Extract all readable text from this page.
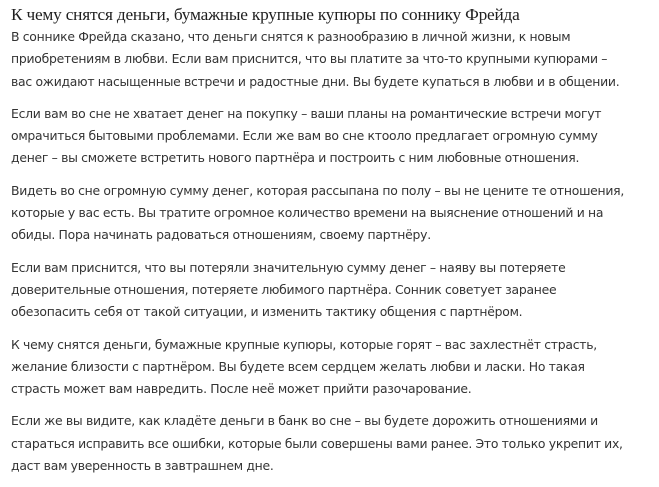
К чему снятся деньги, бумажные крупные купюры по соннику Фрейда

В соннике Фрейда сказано, что деньги снятся к разнообразию в личной жизни, к новым
приобретениям в любви. Если вам приснится, что вы платите за что-то крупными купюрами –
вас ожидают насыщенные встречи и радостные дни. Вы будете купаться в любви и в общении.

Если вам во сне не хватает денег на покупку – ваши планы на романтические встречи могут
омрачиться бытовыми проблемами. Если же вам во сне ктооло предлагает огромную сумму
денег – вы сможете встретить нового партнёра и построить с ним любовные отношения.

Видеть во сне огромную сумму денег, которая рассыпана по полу – вы не цените те отношения,
которые у вас есть. Вы тратите огромное количество времени на выяснение отношений и на
обиды. Пора начинать радоваться отношениям, своему партнёру.

Если вам приснится, что вы потеряли значительную сумму денег – наяву вы потеряете
доверительные отношения, потеряете любимого партнёра. Сонник советует заранее
обезопасить себя от такой ситуации, и изменить тактику общения с партнёром.

К чему снятся деньги, бумажные крупные купюры, которые горят – вас захлестнёт страсть,
желание близости с партнёром. Вы будете всем сердцем желать любви и ласки. Но такая
страсть может вам навредить. После неё может прийти разочарование.

Если же вы видите, как кладёте деньги в банк во сне – вы будете дорожить отношениями и
стараться исправить все ошибки, которые были совершены вами ранее. Это только укрепит их,
даст вам уверенность в завтрашнем дне.
